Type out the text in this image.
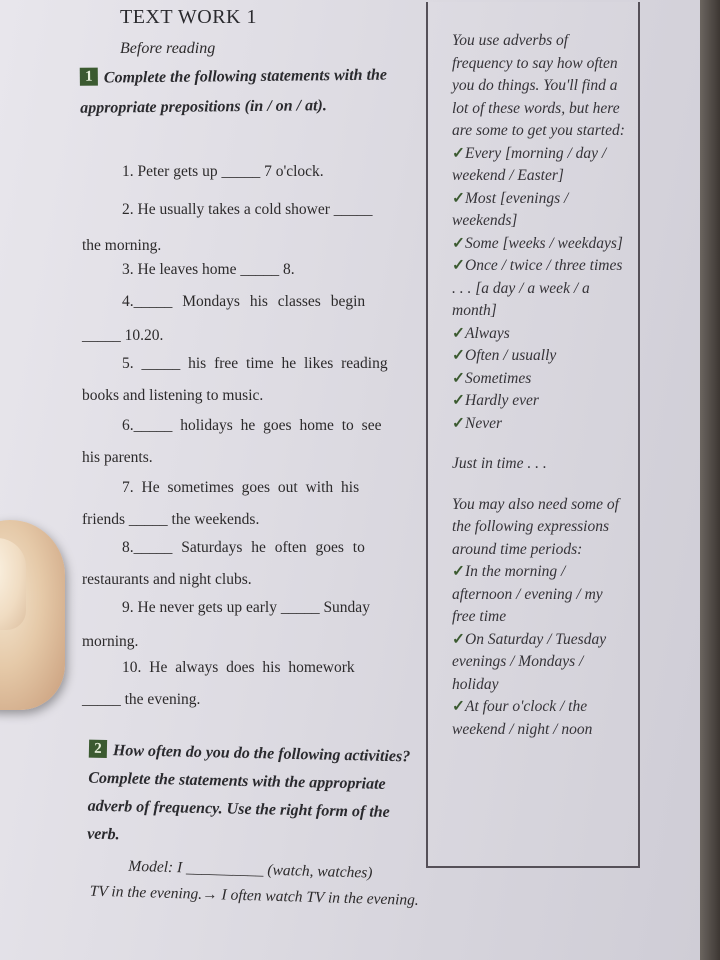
TEXT WORK 1
Before reading
1 Complete the following statements with the appropriate prepositions (in / on / at).
1. Peter gets up _____ 7 o'clock.
2. He usually takes a cold shower _____
the morning.
3. He leaves home _____ 8.
4._____ Mondays his classes begin
_____ 10.20.
5. _____ his free time he likes reading
books and listening to music.
6._____ holidays he goes home to see
his parents.
7. He sometimes goes out with his
friends _____ the weekends.
8._____ Saturdays he often goes to
restaurants and night clubs.
9. He never gets up early _____ Sunday
morning.
10. He always does his homework
_____ the evening.
2 How often do you do the following activities? Complete the statements with the appropriate adverb of frequency. Use the right form of the verb.
Model: I __________ (watch, watches)
TV in the evening.→ I often watch TV in the evening.
You use adverbs of frequency to say how often you do things. You'll find a lot of these words, but here are some to get you started:
✓Every [morning / day / weekend / Easter]
✓Most [evenings / weekends]
✓Some [weeks / weekdays]
✓Once / twice / three times . . . [a day / a week / a month]
✓Always
✓Often / usually
✓Sometimes
✓Hardly ever
✓Never
Just in time . . .
You may also need some of the following expressions around time periods:
✓In the morning / afternoon / evening / my free time
✓On Saturday / Tuesday evenings / Mondays / holiday
✓At four o'clock / the weekend / night / noon
